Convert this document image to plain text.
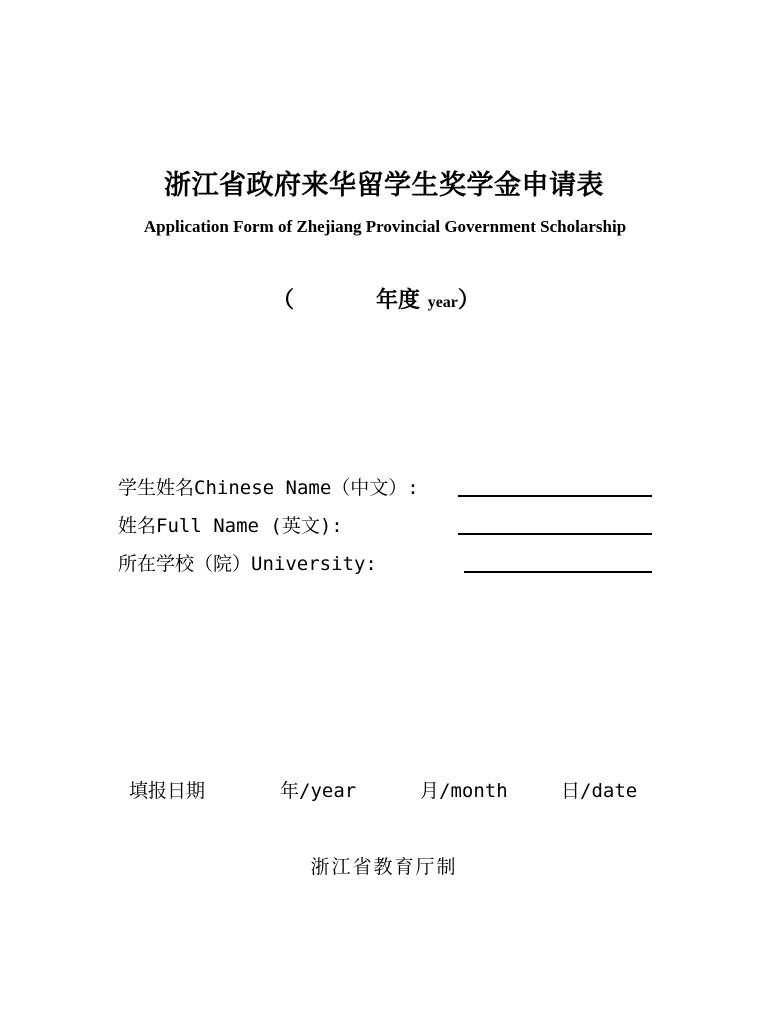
浙江省政府来华留学生奖学金申请表
Application Form of Zhejiang Provincial Government Scholarship
（	年度 year）
学生姓名Chinese Name（中文）:
姓名Full Name (英文):
所在学校（院）University:
填报日期	年/year	月/month	日/date
浙江省教育厅制
